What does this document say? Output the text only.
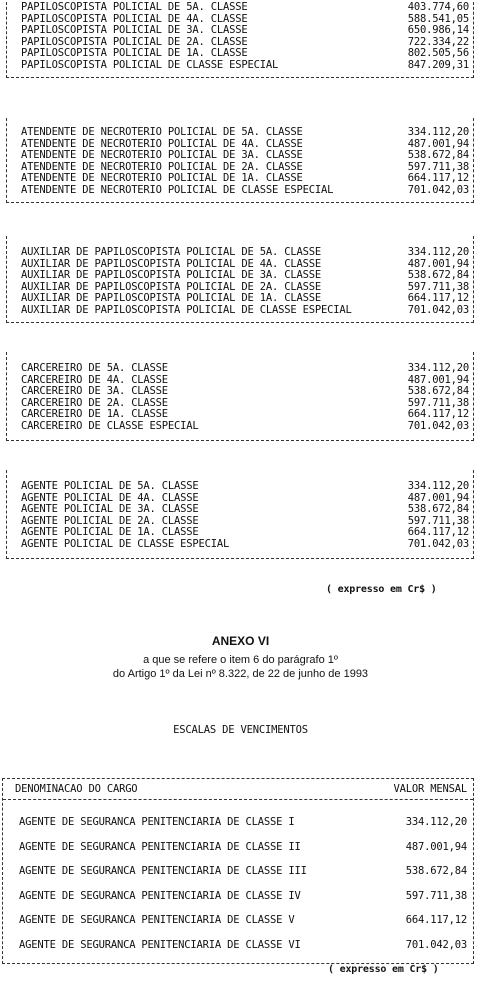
PAPILOSCOPISTA POLICIAL DE 5A. CLASSE	403.774,60
PAPILOSCOPISTA POLICIAL DE 4A. CLASSE	588.541,05
PAPILOSCOPISTA POLICIAL DE 3A. CLASSE	650.986,14
PAPILOSCOPISTA POLICIAL DE 2A. CLASSE	722.334,22
PAPILOSCOPISTA POLICIAL DE 1A. CLASSE	802.505,56
PAPILOSCOPISTA POLICIAL DE CLASSE ESPECIAL	847.209,31
ATENDENTE DE NECROTERIO POLICIAL DE 5A. CLASSE	334.112,20
ATENDENTE DE NECROTERIO POLICIAL DE 4A. CLASSE	487.001,94
ATENDENTE DE NECROTERIO POLICIAL DE 3A. CLASSE	538.672,84
ATENDENTE DE NECROTERIO POLICIAL DE 2A. CLASSE	597.711,38
ATENDENTE DE NECROTERIO POLICIAL DE 1A. CLASSE	664.117,12
ATENDENTE DE NECROTERIO POLICIAL DE CLASSE ESPECIAL	701.042,03
AUXILIAR DE PAPILOSCOPISTA POLICIAL DE 5A. CLASSE	334.112,20
AUXILIAR DE PAPILOSCOPISTA POLICIAL DE 4A. CLASSE	487.001,94
AUXILIAR DE PAPILOSCOPISTA POLICIAL DE 3A. CLASSE	538.672,84
AUXILIAR DE PAPILOSCOPISTA POLICIAL DE 2A. CLASSE	597.711,38
AUXILIAR DE PAPILOSCOPISTA POLICIAL DE 1A. CLASSE	664.117,12
AUXILIAR DE PAPILOSCOPISTA POLICIAL DE CLASSE ESPECIAL	701.042,03
CARCEREIRO DE 5A. CLASSE	334.112,20
CARCEREIRO DE 4A. CLASSE	487.001,94
CARCEREIRO DE 3A. CLASSE	538.672,84
CARCEREIRO DE 2A. CLASSE	597.711,38
CARCEREIRO DE 1A. CLASSE	664.117,12
CARCEREIRO DE CLASSE ESPECIAL	701.042,03
AGENTE POLICIAL DE 5A. CLASSE	334.112,20
AGENTE POLICIAL DE 4A. CLASSE	487.001,94
AGENTE POLICIAL DE 3A. CLASSE	538.672,84
AGENTE POLICIAL DE 2A. CLASSE	597.711,38
AGENTE POLICIAL DE 1A. CLASSE	664.117,12
AGENTE POLICIAL DE CLASSE ESPECIAL	701.042,03
( expresso em Cr$ )
ANEXO VI
a que se refere o item 6 do parágrafo 1º
do Artigo 1º da Lei nº 8.322, de 22 de junho de 1993
ESCALAS DE VENCIMENTOS
DENOMINACAO DO CARGO	VALOR MENSAL
AGENTE DE SEGURANCA PENITENCIARIA DE CLASSE I	334.112,20
AGENTE DE SEGURANCA PENITENCIARIA DE CLASSE II	487.001,94
AGENTE DE SEGURANCA PENITENCIARIA DE CLASSE III	538.672,84
AGENTE DE SEGURANCA PENITENCIARIA DE CLASSE IV	597.711,38
AGENTE DE SEGURANCA PENITENCIARIA DE CLASSE V	664.117,12
AGENTE DE SEGURANCA PENITENCIARIA DE CLASSE VI	701.042,03
( expresso em Cr$ )
